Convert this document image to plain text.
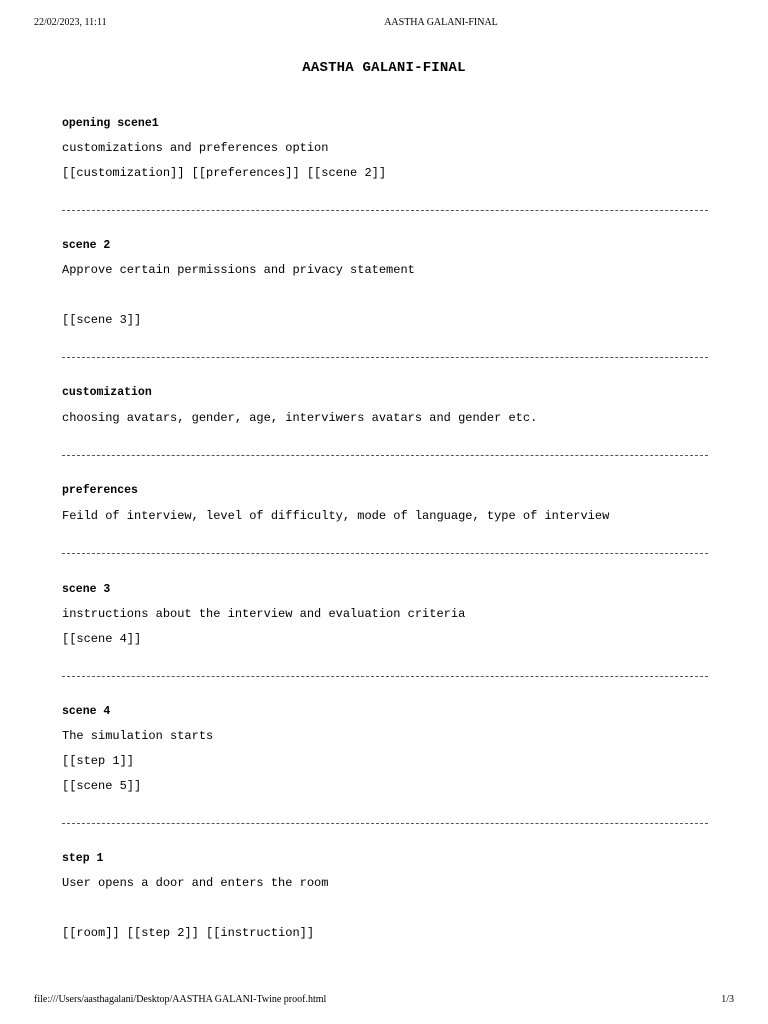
22/02/2023, 11:11	AASTHA GALANI-FINAL
AASTHA GALANI-FINAL
opening scene1
customizations and preferences option
[[customization]] [[preferences]] [[scene 2]]
scene 2
Approve certain permissions and privacy statement
[[scene 3]]
customization
choosing avatars, gender, age, interviwers avatars and gender etc.
preferences
Feild of interview, level of difficulty, mode of language, type of interview
scene 3
instructions about the interview and evaluation criteria
[[scene 4]]
scene 4
The simulation starts
[[step 1]]
[[scene 5]]
step 1
User opens a door and enters the room
[[room]] [[step 2]] [[instruction]]
file:///Users/aasthagalani/Desktop/AASTHA GALANI-Twine proof.html	1/3
